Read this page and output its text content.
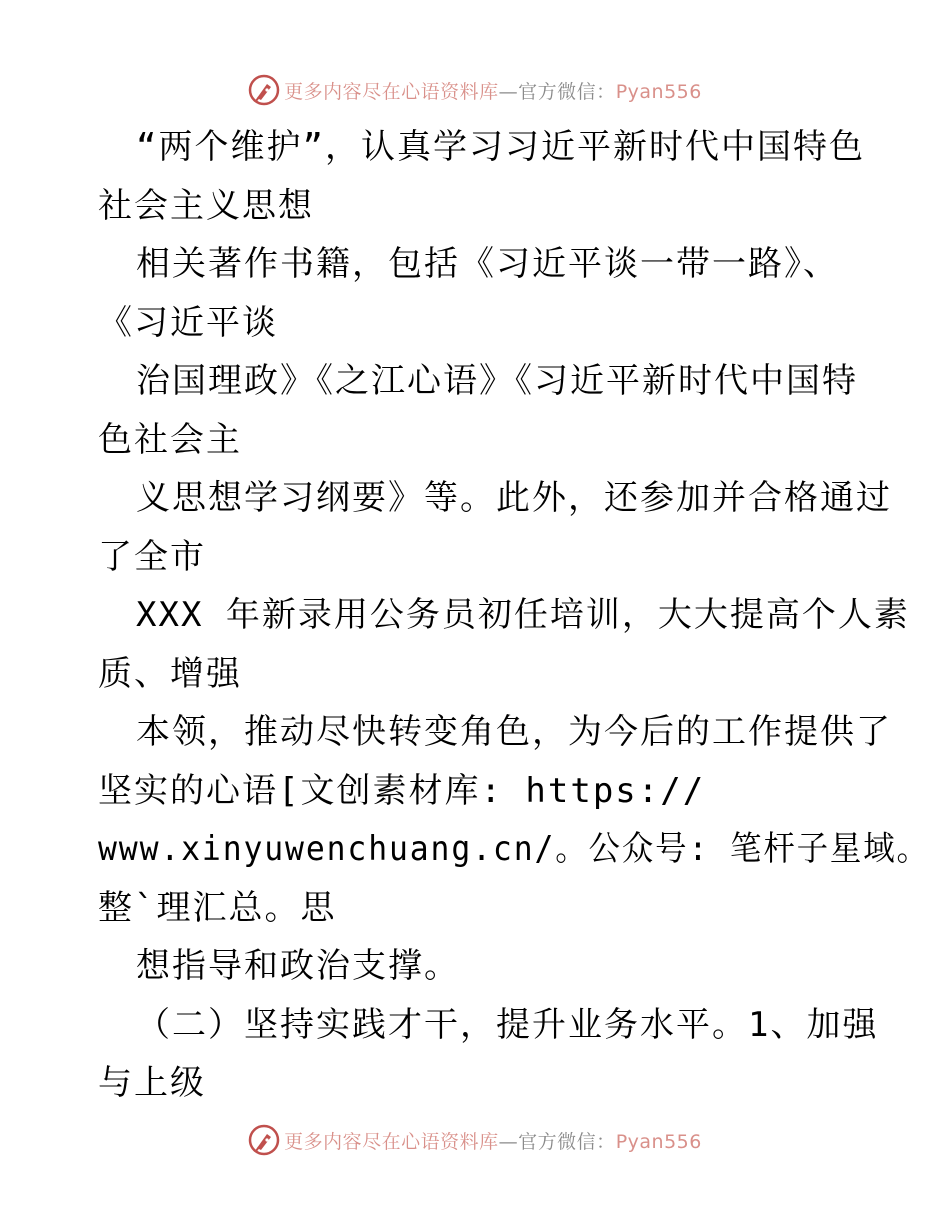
更多内容尽在心语资料库—官方微信：Pyan556
“两个维护”，认真学习习近平新时代中国特色
社会主义思想
相关著作书籍，包括《习近平谈一带一路》、
《习近平谈
治国理政》《之江心语》《习近平新时代中国特
色社会主
义思想学习纲要》等。此外，还参加并合格通过
了全市
XXX 年新录用公务员初任培训，大大提高个人素
质、增强
本领，推动尽快转变角色，为今后的工作提供了
坚实的心语[文创素材库: https://
www.xinyuwenchuang.cn/。公众号: 笔杆子星域。
整`理汇总。思
想指导和政治支撑。
（二）坚持实践才干，提升业务水平。1、加强
与上级
更多内容尽在心语资料库—官方微信：Pyan556
